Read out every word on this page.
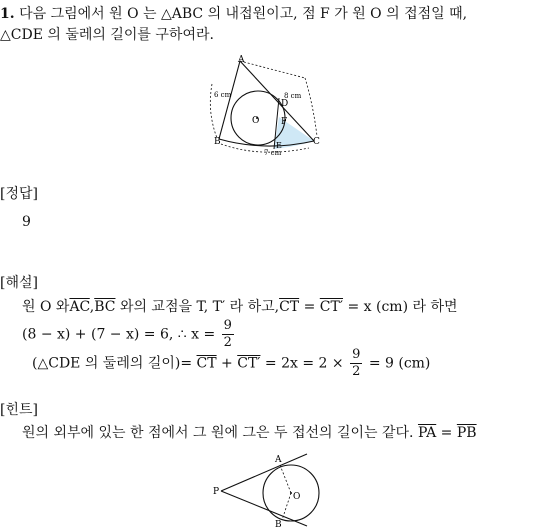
1. 다음 그림에서 원 O 는 △ABC 의 내접원이고, 점 F 가 원 O 의 접점일 때,
△CDE 의 둘레의 길이를 구하여라.
A
B	C
D
E
F
O
6 cm	8 cm
7 cm
[정답]
9
[해설]
원 O 와$\overline{AC},\overline{BC}$ 와의 교점을 T, T′ 라 하고$,\overline{CT} = CT' = x$ (cm) 라 하면
(8 − x) + (7 − x) = 6, ∴ $x = \frac{9}{2}$
(△CDE 의 둘레의 길이)= $\overline{CT} + CT' = 2x = 2 \times \frac{9}{2} = 9$ (cm)
[힌트]
원의 외부에 있는 한 점에서 그 원에 그은 두 접선의 길이는 같다. $\overline{PA} = \overline{PB}$
P
A
B
O
